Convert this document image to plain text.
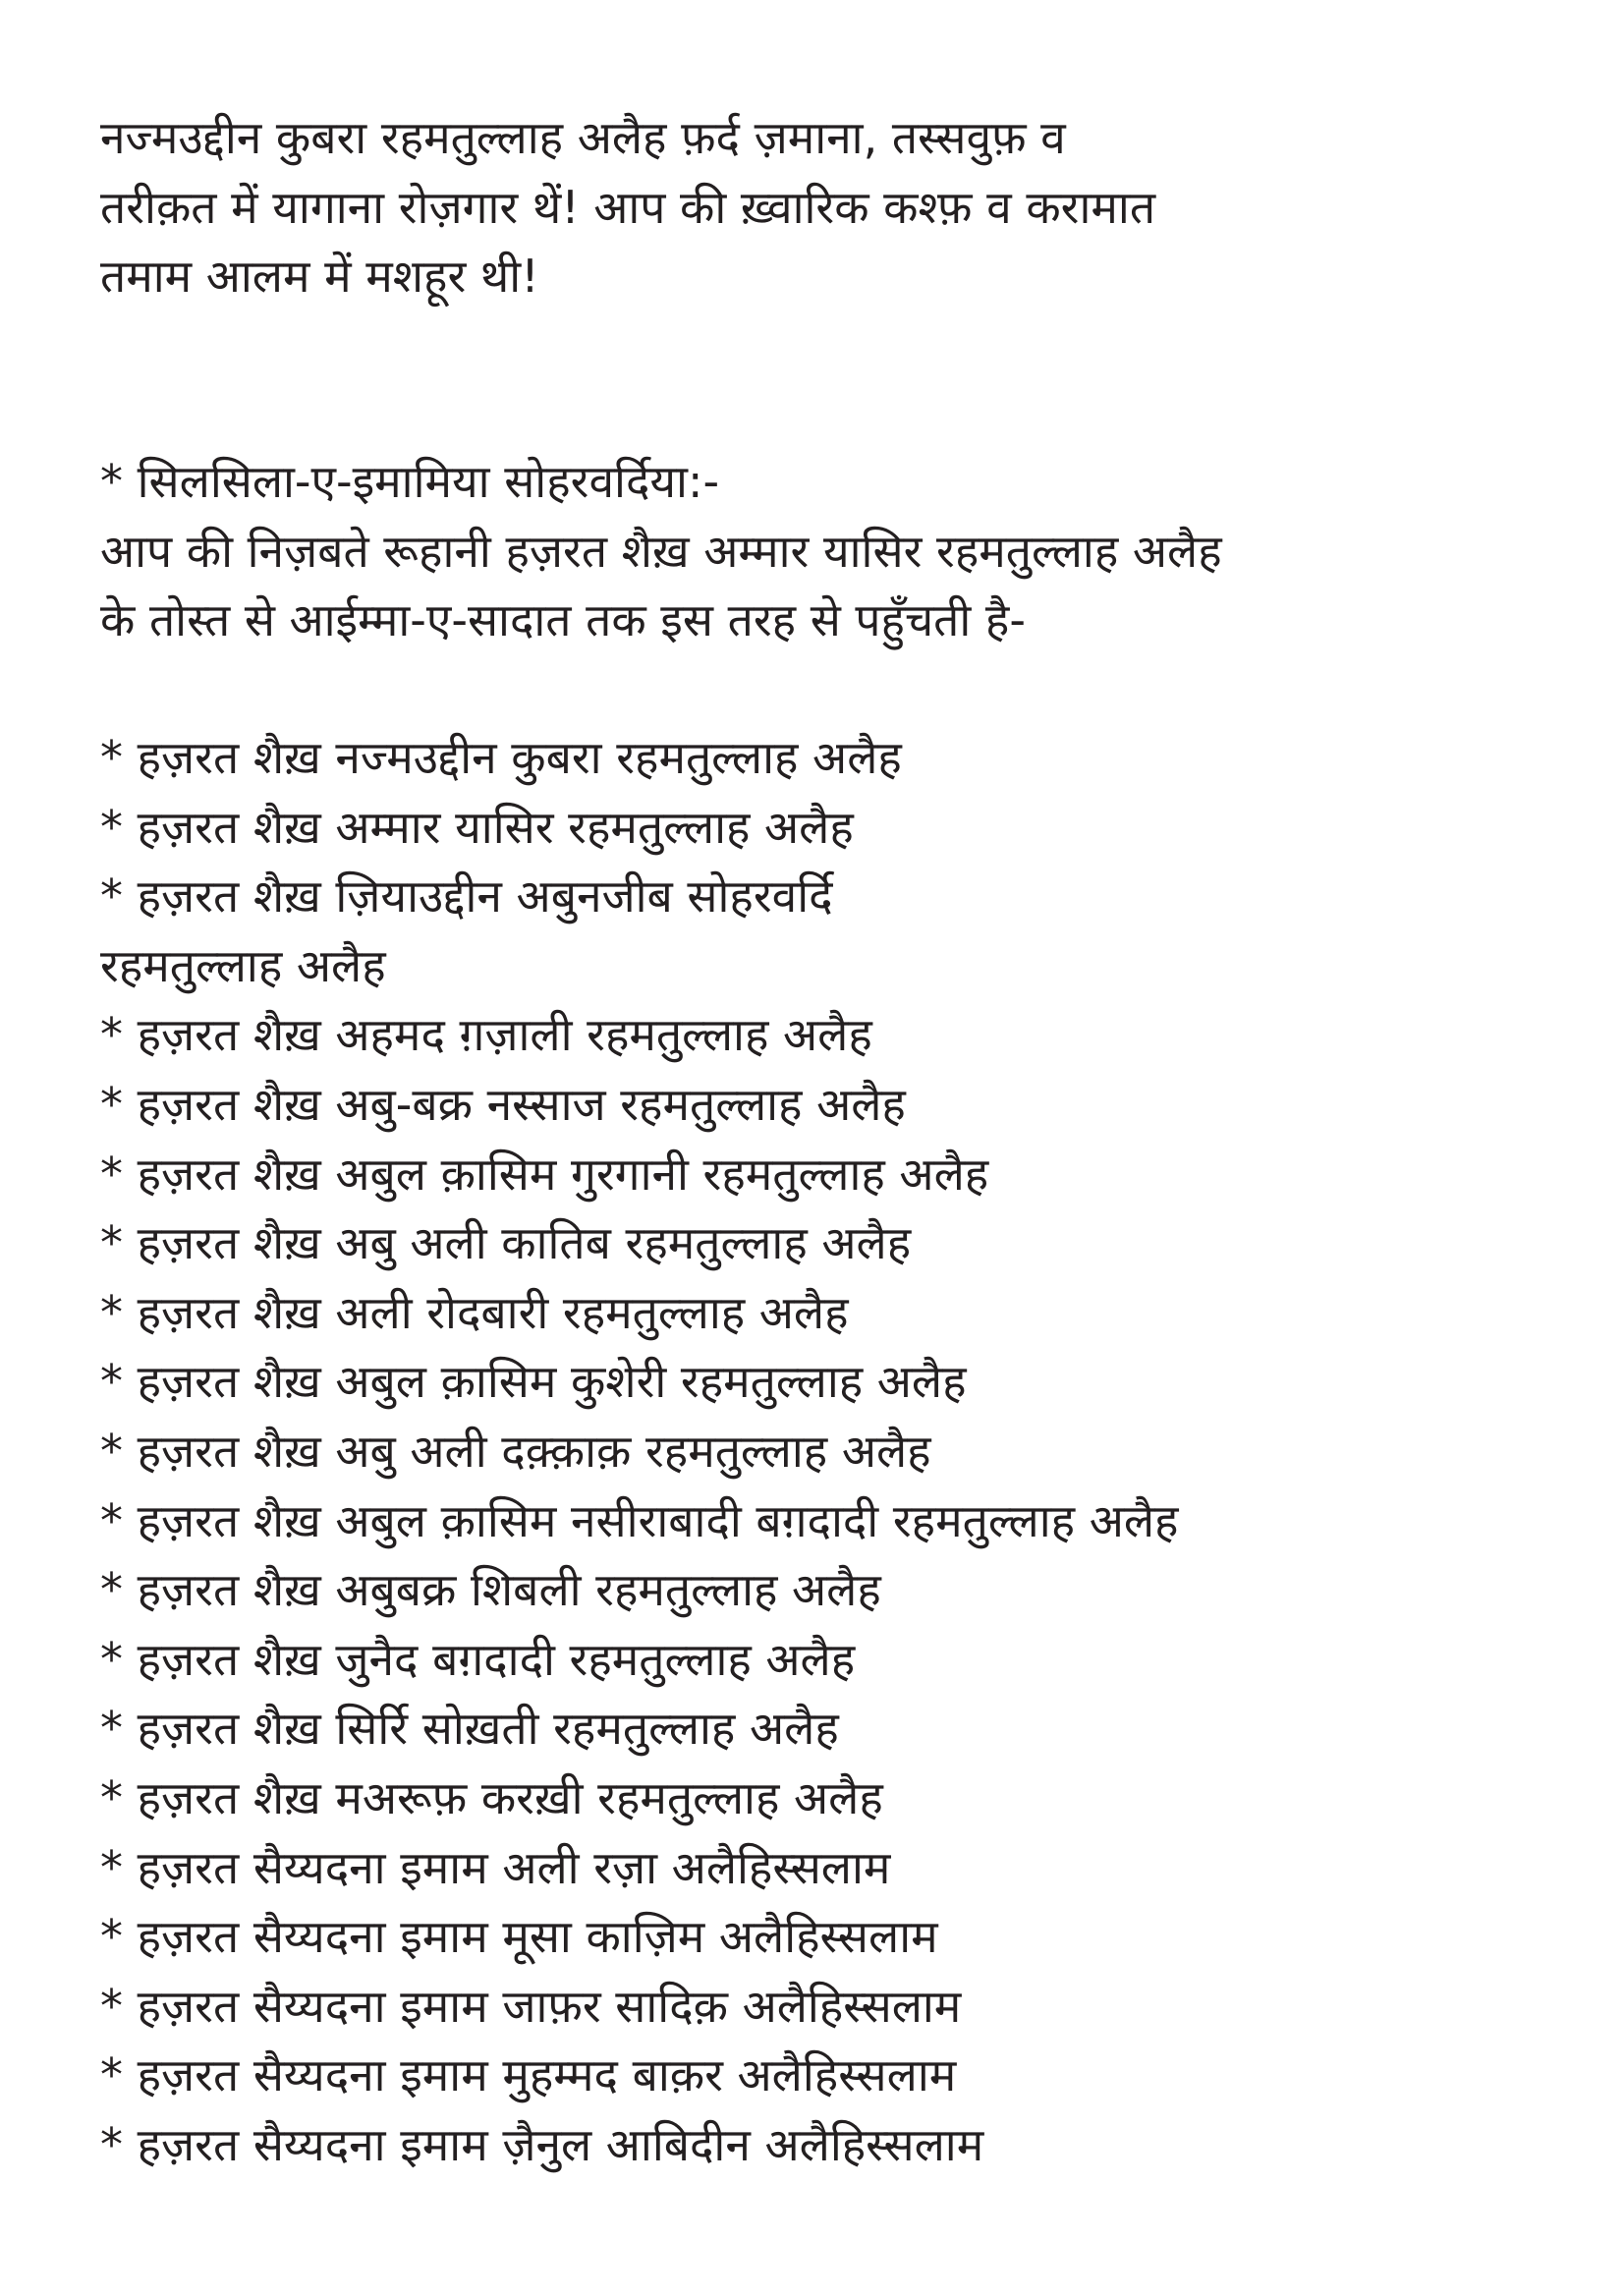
नज्मउद्दीन कुबरा रहमतुल्लाह अलैह फ़र्द ज़माना, तस्सवुफ़ व
तरीक़त में यागाना रोज़गार थें! आप की ख़्वारिक कश्फ़ व करामात
तमाम आलम में मशहूर थी!
* सिलसिला-ए-इमामिया सोहरवर्दिया:-
आप की निज़बते रूहानी हज़रत शैख़ अम्मार यासिर रहमतुल्लाह अलैह
के तोस्त से आईम्मा-ए-सादात तक इस तरह से पहुँचती है-
* हज़रत शैख़ नज्मउद्दीन कुबरा रहमतुल्लाह अलैह
* हज़रत शैख़ अम्मार यासिर रहमतुल्लाह अलैह
* हज़रत शैख़ ज़ियाउद्दीन अबुनजीब सोहरवर्दि
रहमतुल्लाह अलैह
* हज़रत शैख़ अहमद ग़ज़ाली रहमतुल्लाह अलैह
* हज़रत शैख़ अबु-बक्र नस्साज रहमतुल्लाह अलैह
* हज़रत शैख़ अबुल क़ासिम गुरगानी रहमतुल्लाह अलैह
* हज़रत शैख़ अबु अली कातिब रहमतुल्लाह अलैह
* हज़रत शैख़ अली रोदबारी रहमतुल्लाह अलैह
* हज़रत शैख़ अबुल क़ासिम कुशेरी रहमतुल्लाह अलैह
* हज़रत शैख़ अबु अली दक़्क़ाक़ रहमतुल्लाह अलैह
* हज़रत शैख़ अबुल क़ासिम नसीराबादी बग़दादी रहमतुल्लाह अलैह
* हज़रत शैख़ अबुबक्र शिबली रहमतुल्लाह अलैह
* हज़रत शैख़ जुनैद बग़दादी रहमतुल्लाह अलैह
* हज़रत शैख़ सिर्रि सोख़ती रहमतुल्लाह अलैह
* हज़रत शैख़ मअरूफ़ करख़ी रहमतुल्लाह अलैह
* हज़रत सैय्यदना इमाम अली रज़ा अलैहिस्सलाम
* हज़रत सैय्यदना इमाम मूसा काज़िम अलैहिस्सलाम
* हज़रत सैय्यदना इमाम जाफ़र सादिक़ अलैहिस्सलाम
* हज़रत सैय्यदना इमाम मुहम्मद बाक़र अलैहिस्सलाम
* हज़रत सैय्यदना इमाम ज़ैनुल आबिदीन अलैहिस्सलाम
